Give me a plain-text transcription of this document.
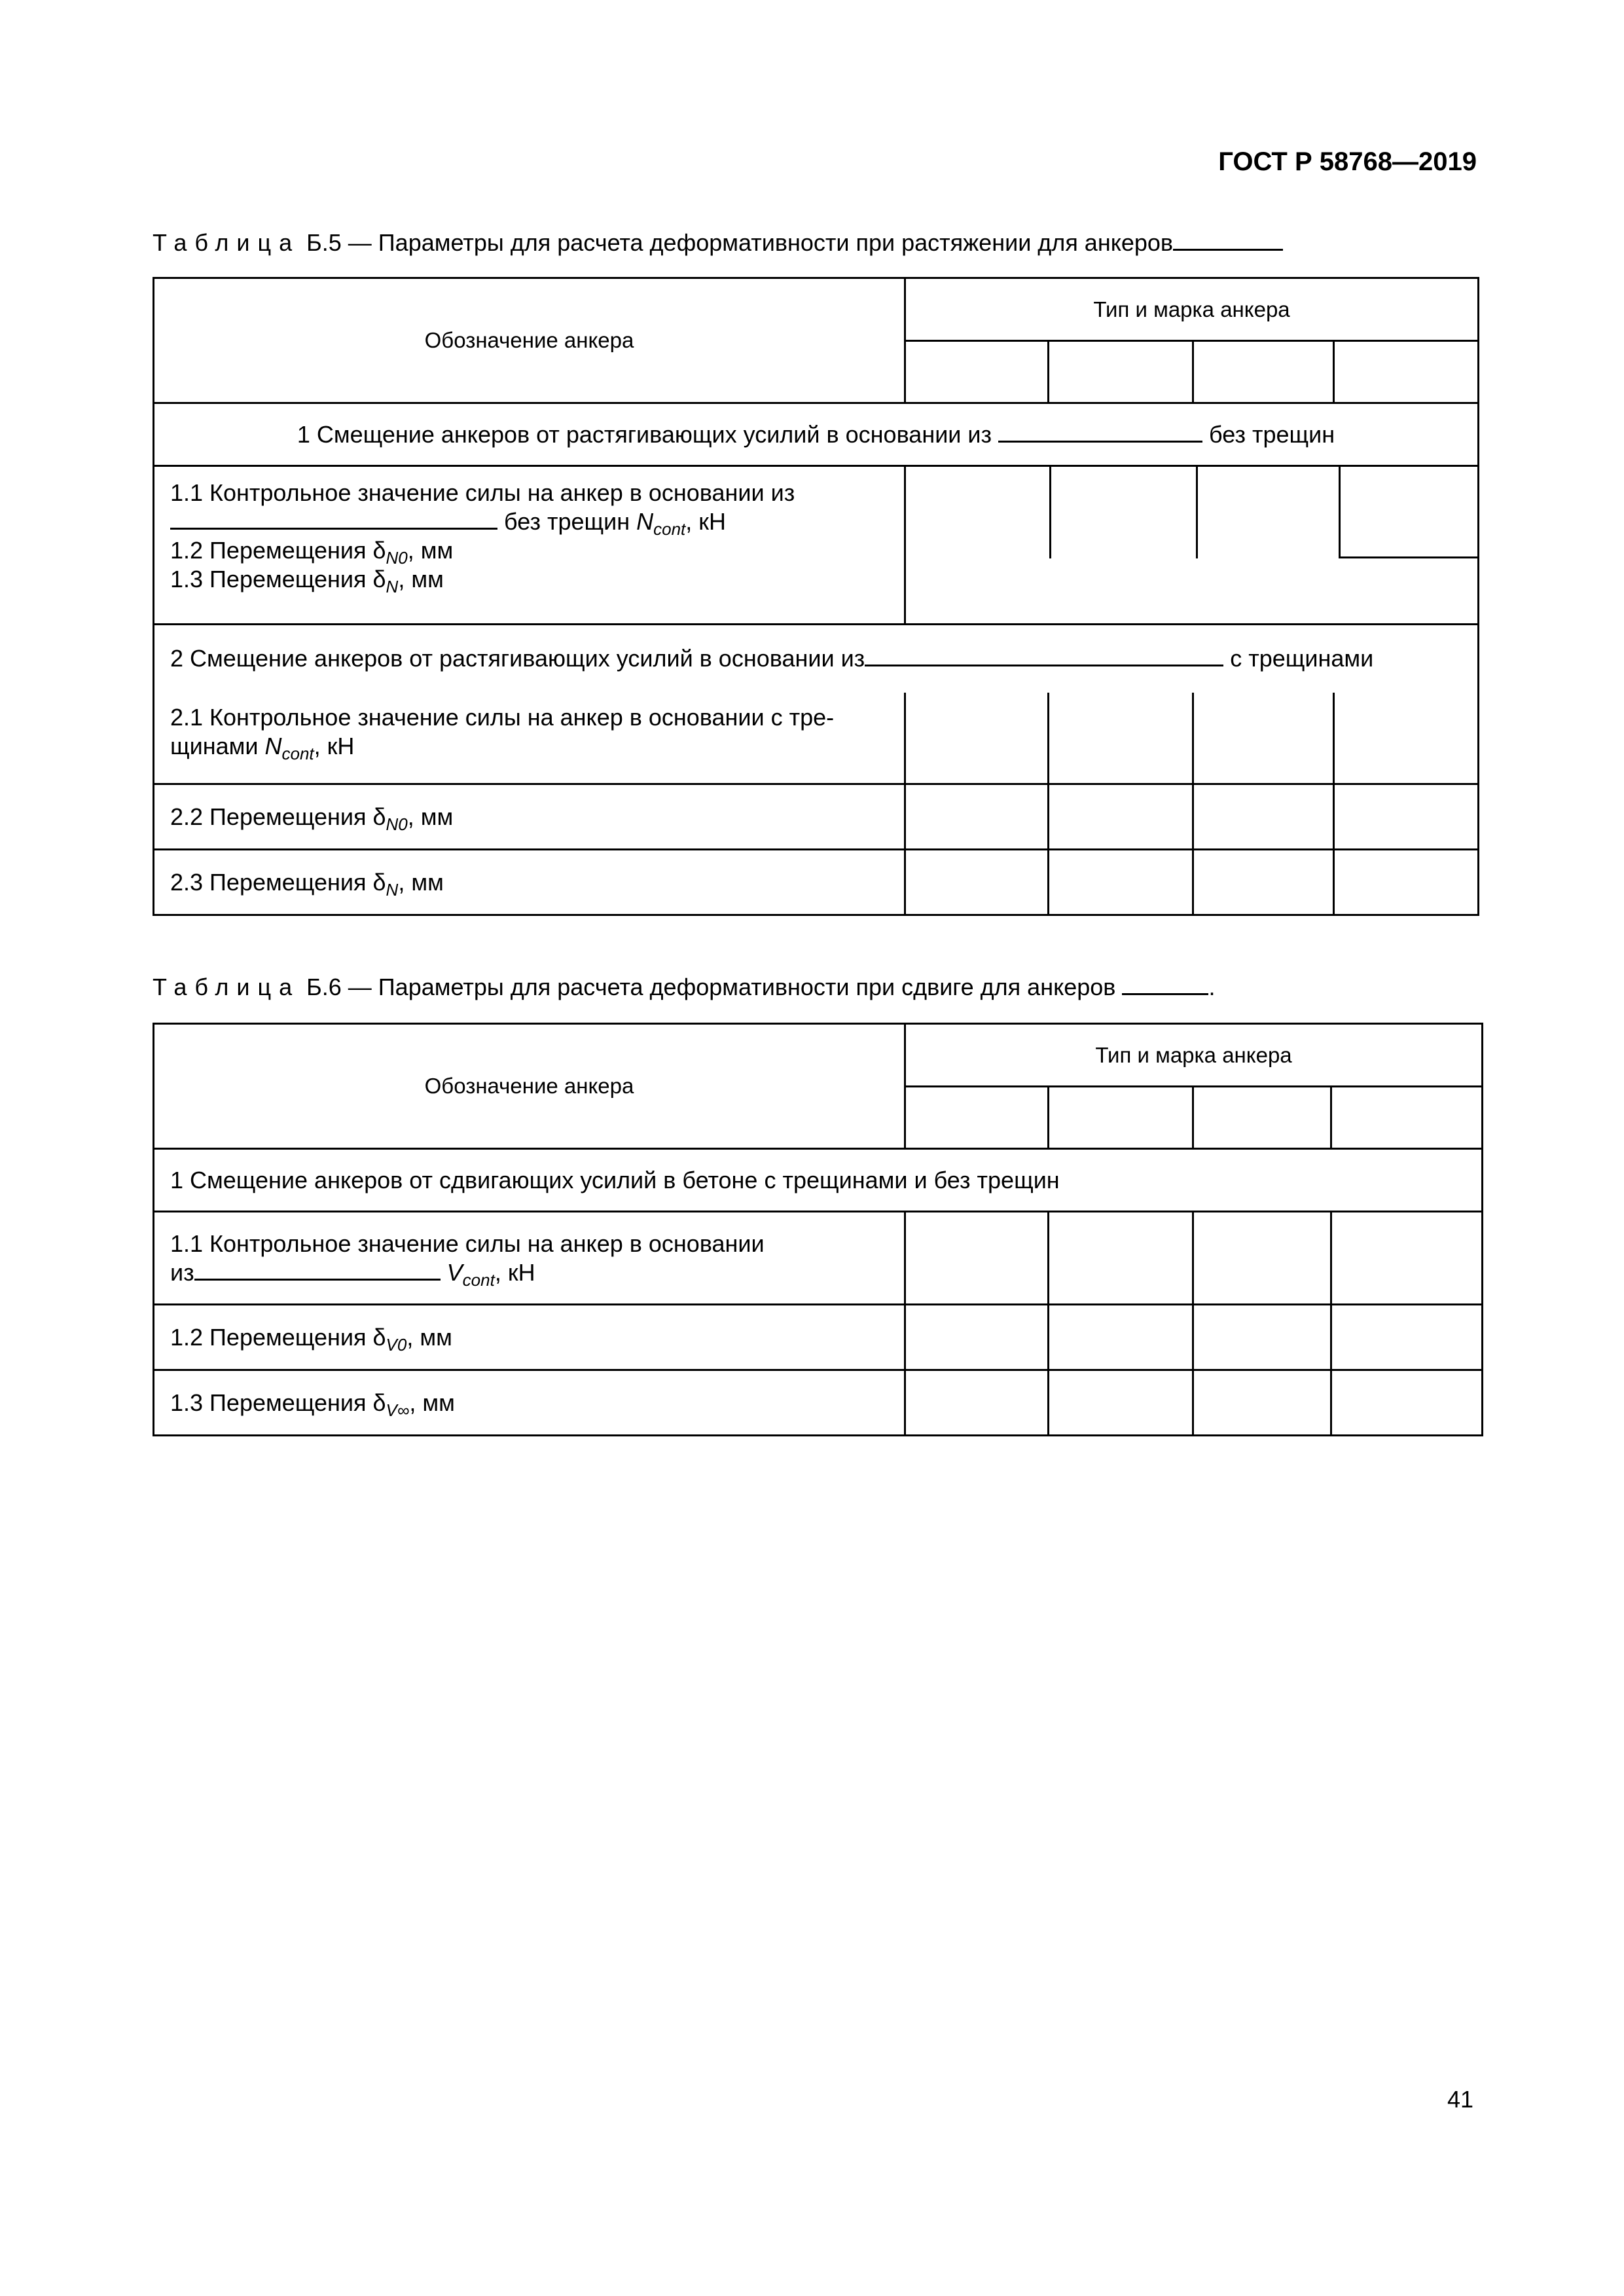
ГОСТ Р 58768—2019
Таблица Б.5 — Параметры для расчета деформативности при растяжении для анкеров
Обозначение анкера	Тип и марка анкера			

1 Смещение анкеров от растягивающих усилий в основании из без трещин				

1.1 Контрольное значение силы на анкер в основании из
без трещин $N_{cont}$, кН
1.2 Перемещения $\delta_{N0}$, мм
1.3 Перемещения $\delta_N$, мм				

2 Смещение анкеров от растягивающих усилий в основании из с трещинами				

2.1 Контрольное значение силы на анкер в основании с тре-
щинами $N_{cont}$, кН				

2.2 Перемещения $\delta_{N0}$, мм				
2.3 Перемещения $\delta_N$, мм				
Таблица Б.6 — Параметры для расчета деформативности при сдвиге для анкеров	.
Обозначение анкера	Тип и марка анкера			

1 Смещение анкеров от сдвигающих усилий в бетоне с трещинами и без трещин				

1.1 Контрольное значение силы на анкер в основании
из $V_{cont}$, кН				

1.2 Перемещения $\delta_{V0}$, мм				
1.3 Перемещения $\delta_{V\infty}$, мм				
41
